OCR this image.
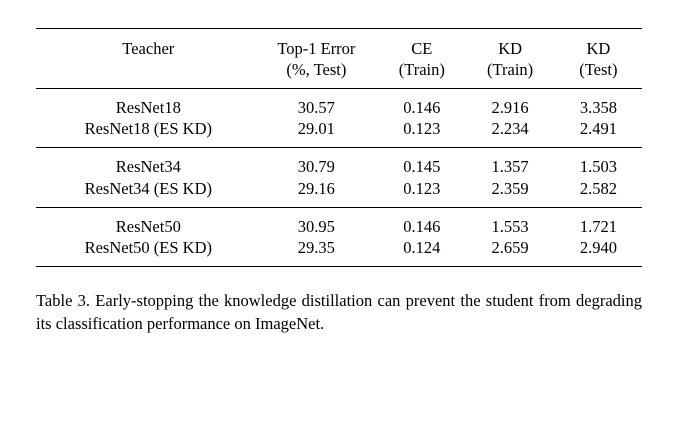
Teacher	Top-1 Error	CE	KD	KD
	(%, Test)	(Train)	(Train)	(Test)
ResNet18	30.57	0.146	2.916	3.358
ResNet18 (ES KD)	29.01	0.123	2.234	2.491
ResNet34	30.79	0.145	1.357	1.503
ResNet34 (ES KD)	29.16	0.123	2.359	2.582
ResNet50	30.95	0.146	1.553	1.721
ResNet50 (ES KD)	29.35	0.124	2.659	2.940
Table 3. Early-stopping the knowledge distillation can prevent the student from degrading its classification performance on ImageNet.
